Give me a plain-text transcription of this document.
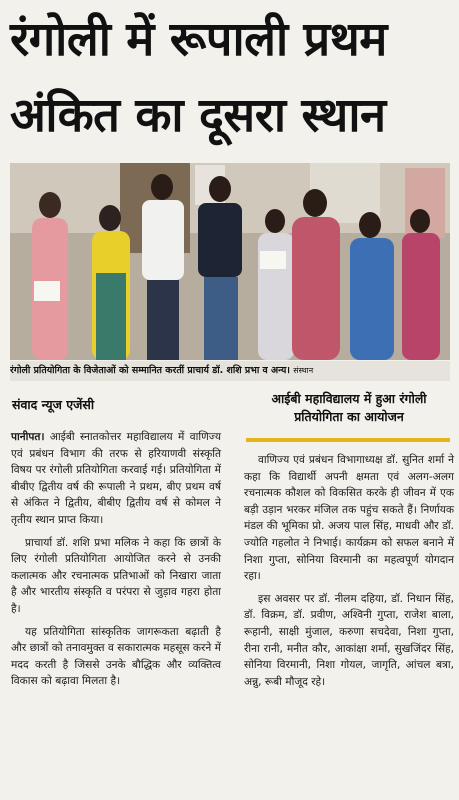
रंगोली में रूपाली प्रथम
अंकित का दूसरा स्थान
रंगोली प्रतियोगिता के विजेताओं को सम्मानित करतीं प्राचार्य डॉ. शशि प्रभा व अन्य। संस्थान
संवाद न्यूज एजेंसी	आईबी महाविद्यालय में हुआ रंगोली प्रतियोगिता का आयोजन

पानीपत। आईबी स्नातकोत्तर महाविद्यालय में वाणिज्य एवं प्रबंधन विभाग की तरफ से हरियाणवी संस्कृति विषय पर रंगोली प्रतियोगिता करवाई गई। प्रतियोगिता में बीबीए द्वितीय वर्ष की रूपाली ने प्रथम, बीए प्रथम वर्ष से अंकित ने द्वितीय, बीबीए द्वितीय वर्ष से कोमल ने तृतीय स्थान प्राप्त किया।

प्राचार्या डॉ. शशि प्रभा मलिक ने कहा कि छात्रों के लिए रंगोली प्रतियोगिता आयोजित करने से उनकी कलात्मक और रचनात्मक प्रतिभाओं को निखारा जाता है और भारतीय संस्कृति व परंपरा से जुड़ाव गहरा होता है।

यह प्रतियोगिता सांस्कृतिक जागरूकता बढ़ाती है और छात्रों को तनावमुक्त व सकारात्मक महसूस करने में मदद करती है जिससे उनके बौद्धिक और व्यक्तित्व विकास को बढ़ावा मिलता है।

वाणिज्य एवं प्रबंधन विभागाध्यक्ष डॉ. सुनित शर्मा ने कहा कि विद्यार्थी अपनी क्षमता एवं अलग-अलग रचनात्मक कौशल को विकसित करके ही जीवन में एक बड़ी उड़ान भरकर मंजिल तक पहुंच सकते हैं। निर्णायक मंडल की भूमिका प्रो. अजय पाल सिंह, माधवी और डॉ. ज्योति गहलोत ने निभाई। कार्यक्रम को सफल बनाने में निशा गुप्ता, सोनिया विरमानी का महत्वपूर्ण योगदान रहा।

इस अवसर पर डॉ. नीलम दहिया, डॉ. निधान सिंह, डॉ. विक्रम, डॉ. प्रवीण, अश्विनी गुप्ता, राजेश बाला, रूहानी, साक्षी मुंजाल, करुणा सचदेवा, निशा गुप्ता, रीना रानी, मनीत कौर, आकांक्षा शर्मा, सुखजिंदर सिंह, सोनिया विरमानी, निशा गोयल, जागृति, आंचल बत्रा, अन्नु, रूबी मौजूद रहे।
